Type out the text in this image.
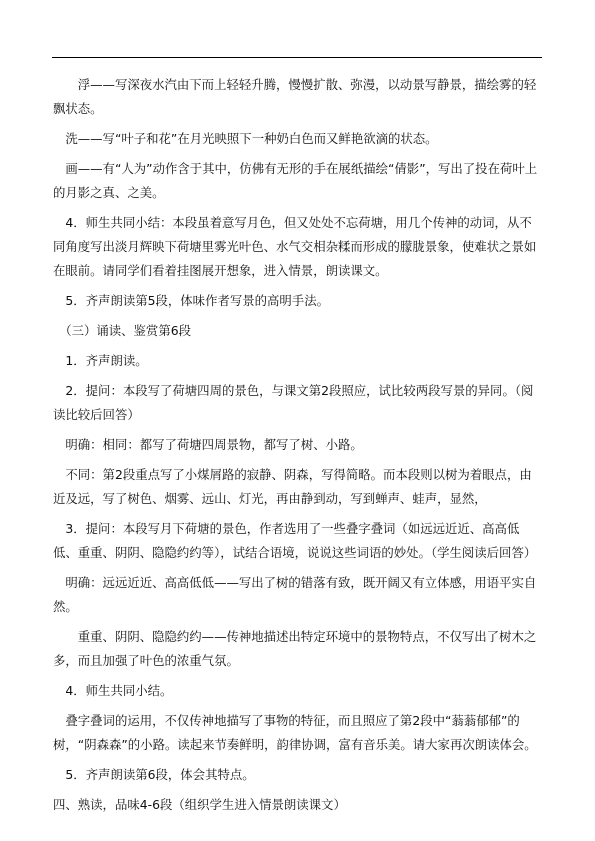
　　浮——写深夜水汽由下而上轻轻升腾，慢慢扩散、弥漫，以动景写静景，描绘雾的轻飘状态。

　洗——写“叶子和花”在月光映照下一种奶白色而又鲜艳欲滴的状态。

　画——有“人为”动作含于其中，仿佛有无形的手在展纸描绘“倩影”，写出了投在荷叶上的月影之真、之美。

　4．师生共同小结：本段虽着意写月色，但又处处不忘荷塘，用几个传神的动词，从不同角度写出淡月辉映下荷塘里雾光叶色、水气交相杂糅而形成的朦胧景象，使难状之景如在眼前。请同学们看着挂图展开想象，进入情景，朗读课文。

　5．齐声朗读第5段，体味作者写景的高明手法。

　（三）诵读、鉴赏第6段

　1．齐声朗读。

　2．提问：本段写了荷塘四周的景色，与课文第2段照应，试比较两段写景的异同。（阅读比较后回答）

　明确：相同：都写了荷塘四周景物，都写了树、小路。

　不同：第2段重点写了小煤屑路的寂静、阴森，写得简略。而本段则以树为着眼点，由近及远，写了树色、烟雾、远山、灯光，再由静到动，写到蝉声、蛙声，显然，

　3．提问：本段写月下荷塘的景色，作者选用了一些叠字叠词（如远远近近、高高低低、重重、阴阴、隐隐约约等），试结合语境，说说这些词语的妙处。（学生阅读后回答）

　明确：远远近近、高高低低——写出了树的错落有致，既开阔又有立体感，用语平实自然。

　　重重、阴阴、隐隐约约——传神地描述出特定环境中的景物特点，不仅写出了树木之多，而且加强了叶色的浓重气氛。

　4．师生共同小结。

　叠字叠词的运用，不仅传神地描写了事物的特征，而且照应了第2段中“蓊蓊郁郁”的树，“阴森森”的小路。读起来节奏鲜明，韵律协调，富有音乐美。请大家再次朗读体会。

　5．齐声朗读第6段，体会其特点。

四、熟读，品味4-6段（组织学生进入情景朗读课文）
